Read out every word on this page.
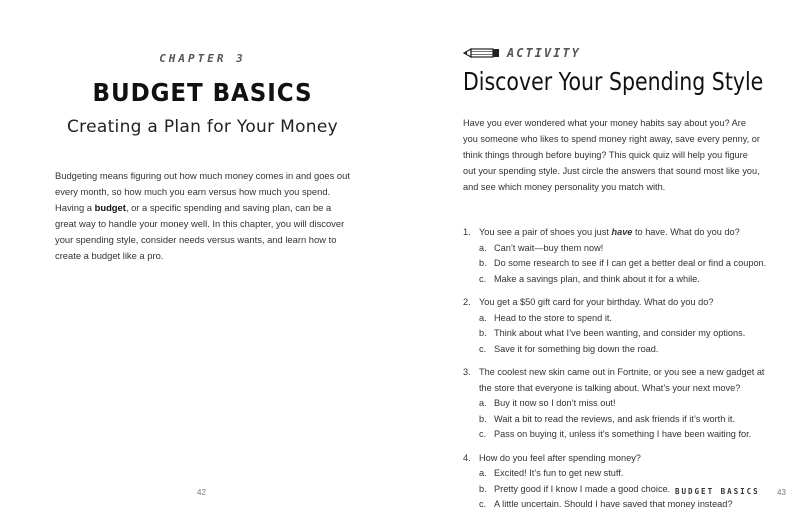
CHAPTER 3
BUDGET BASICS
Creating a Plan for Your Money

Budgeting means figuring out how much money comes in and goes out every month, so how much you earn versus how much you spend. Having a budget, or a specific spending and saving plan, can be a great way to handle your money well. In this chapter, you will discover your spending style, consider needs versus wants, and learn how to create a budget like a pro.

42
ACTIVITY
Discover Your Spending Style

Have you ever wondered what your money habits say about you? Are you someone who likes to spend money right away, save every penny, or think things through before buying? This quick quiz will help you figure out your spending style. Just circle the answers that sound most like you, and see which money personality you match with.

1. You see a pair of shoes you just have to have. What do you do?
a. Can’t wait—buy them now!
b. Do some research to see if I can get a better deal or find a coupon.
c. Make a savings plan, and think about it for a while.
2. You get a $50 gift card for your birthday. What do you do?
a. Head to the store to spend it.
b. Think about what I’ve been wanting, and consider my options.
c. Save it for something big down the road.
3. The coolest new skin came out in Fortnite, or you see a new gadget at the store that everyone is talking about. What’s your next move?
a. Buy it now so I don’t miss out!
b. Wait a bit to read the reviews, and ask friends if it’s worth it.
c. Pass on buying it, unless it’s something I have been waiting for.
4. How do you feel after spending money?
a. Excited! It’s fun to get new stuff.
b. Pretty good if I know I made a good choice.
c. A little uncertain. Should I have saved that money instead?
BUDGET BASICS 43
